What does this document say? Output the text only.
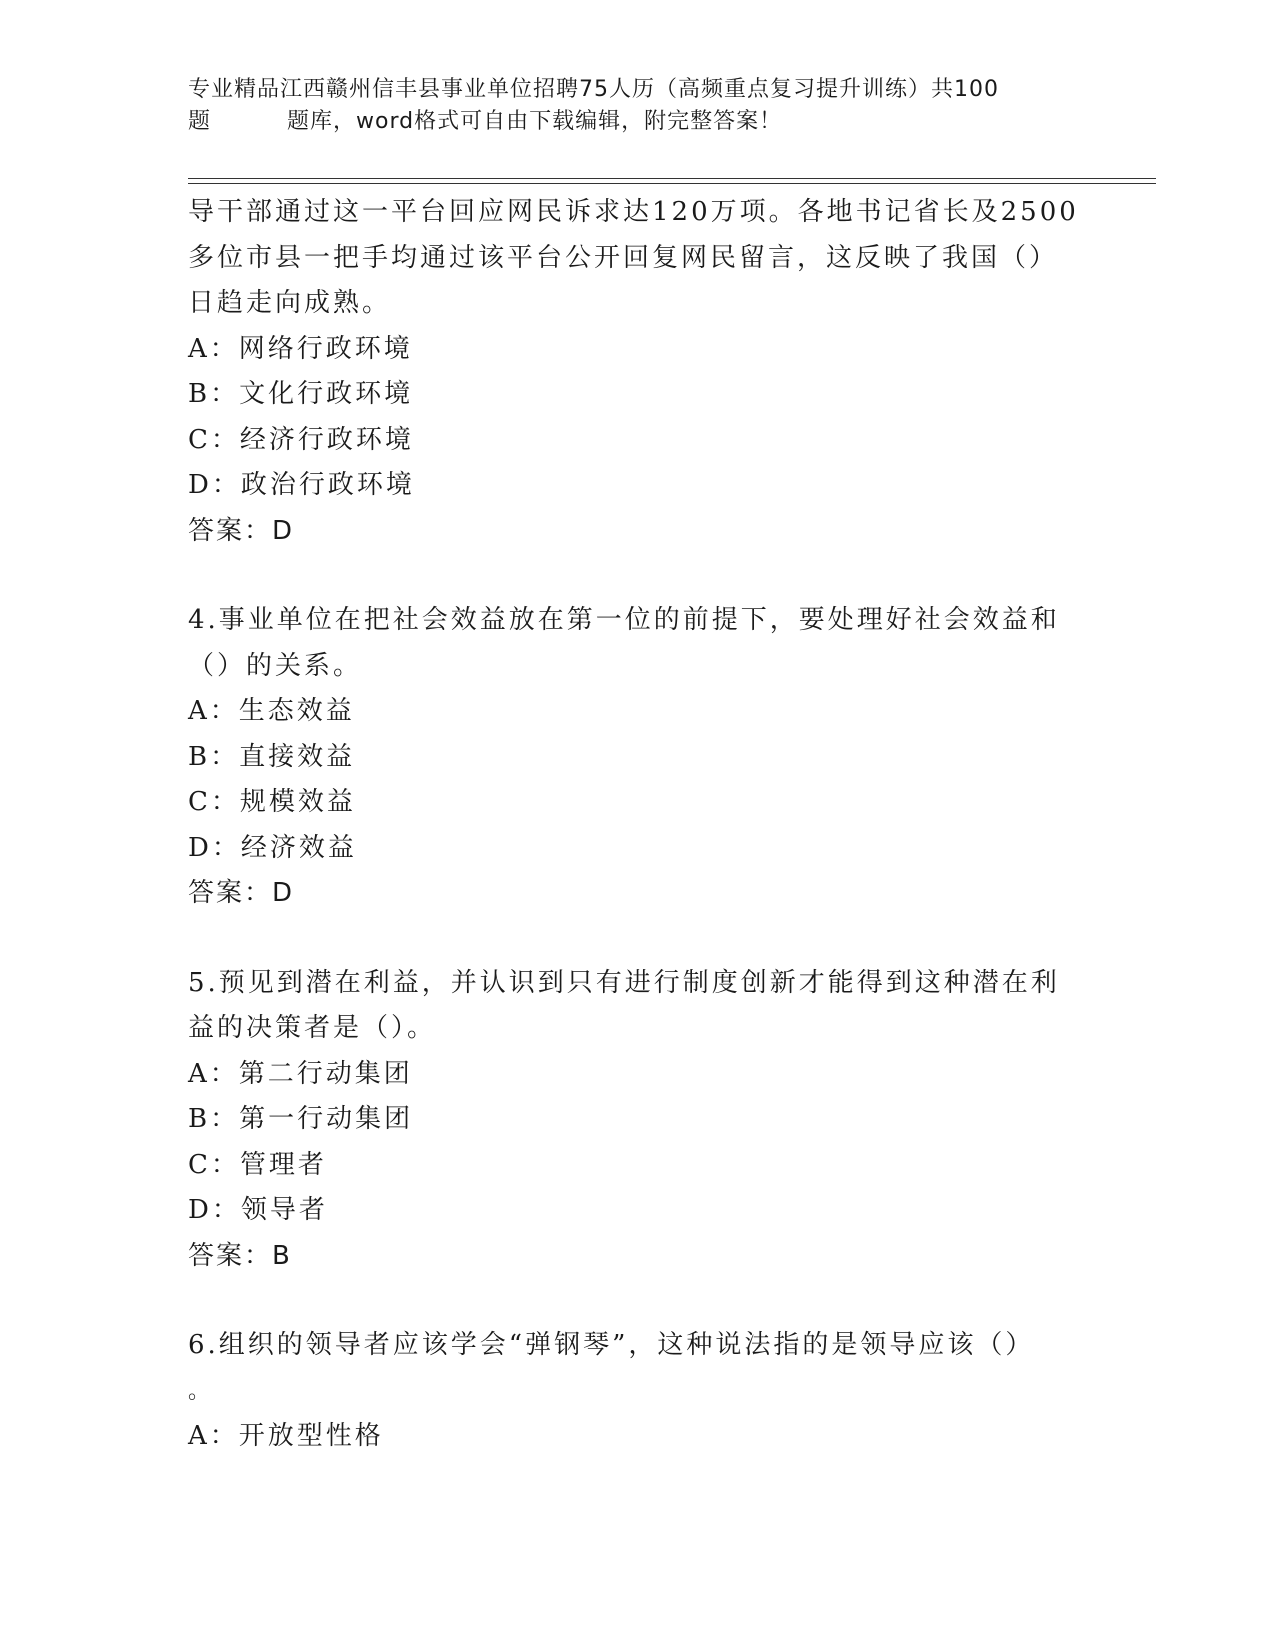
专业精品江西赣州信丰县事业单位招聘75人历（高频重点复习提升训练）共100
题	题库，word格式可自由下载编辑，附完整答案！
导干部通过这一平台回应网民诉求达120万项。各地书记省长及2500
多位市县一把手均通过该平台公开回复网民留言，这反映了我国（）
日趋走向成熟。
A：网络行政环境
B：文化行政环境
C：经济行政环境
D：政治行政环境
答案：D
4.事业单位在把社会效益放在第一位的前提下，要处理好社会效益和
（）的关系。
A：生态效益
B：直接效益
C：规模效益
D：经济效益
答案：D
5.预见到潜在利益，并认识到只有进行制度创新才能得到这种潜在利
益的决策者是（）。
A：第二行动集团
B：第一行动集团
C：管理者
D：领导者
答案：B
6.组织的领导者应该学会“弹钢琴”，这种说法指的是领导应该（）
。
A：开放型性格
